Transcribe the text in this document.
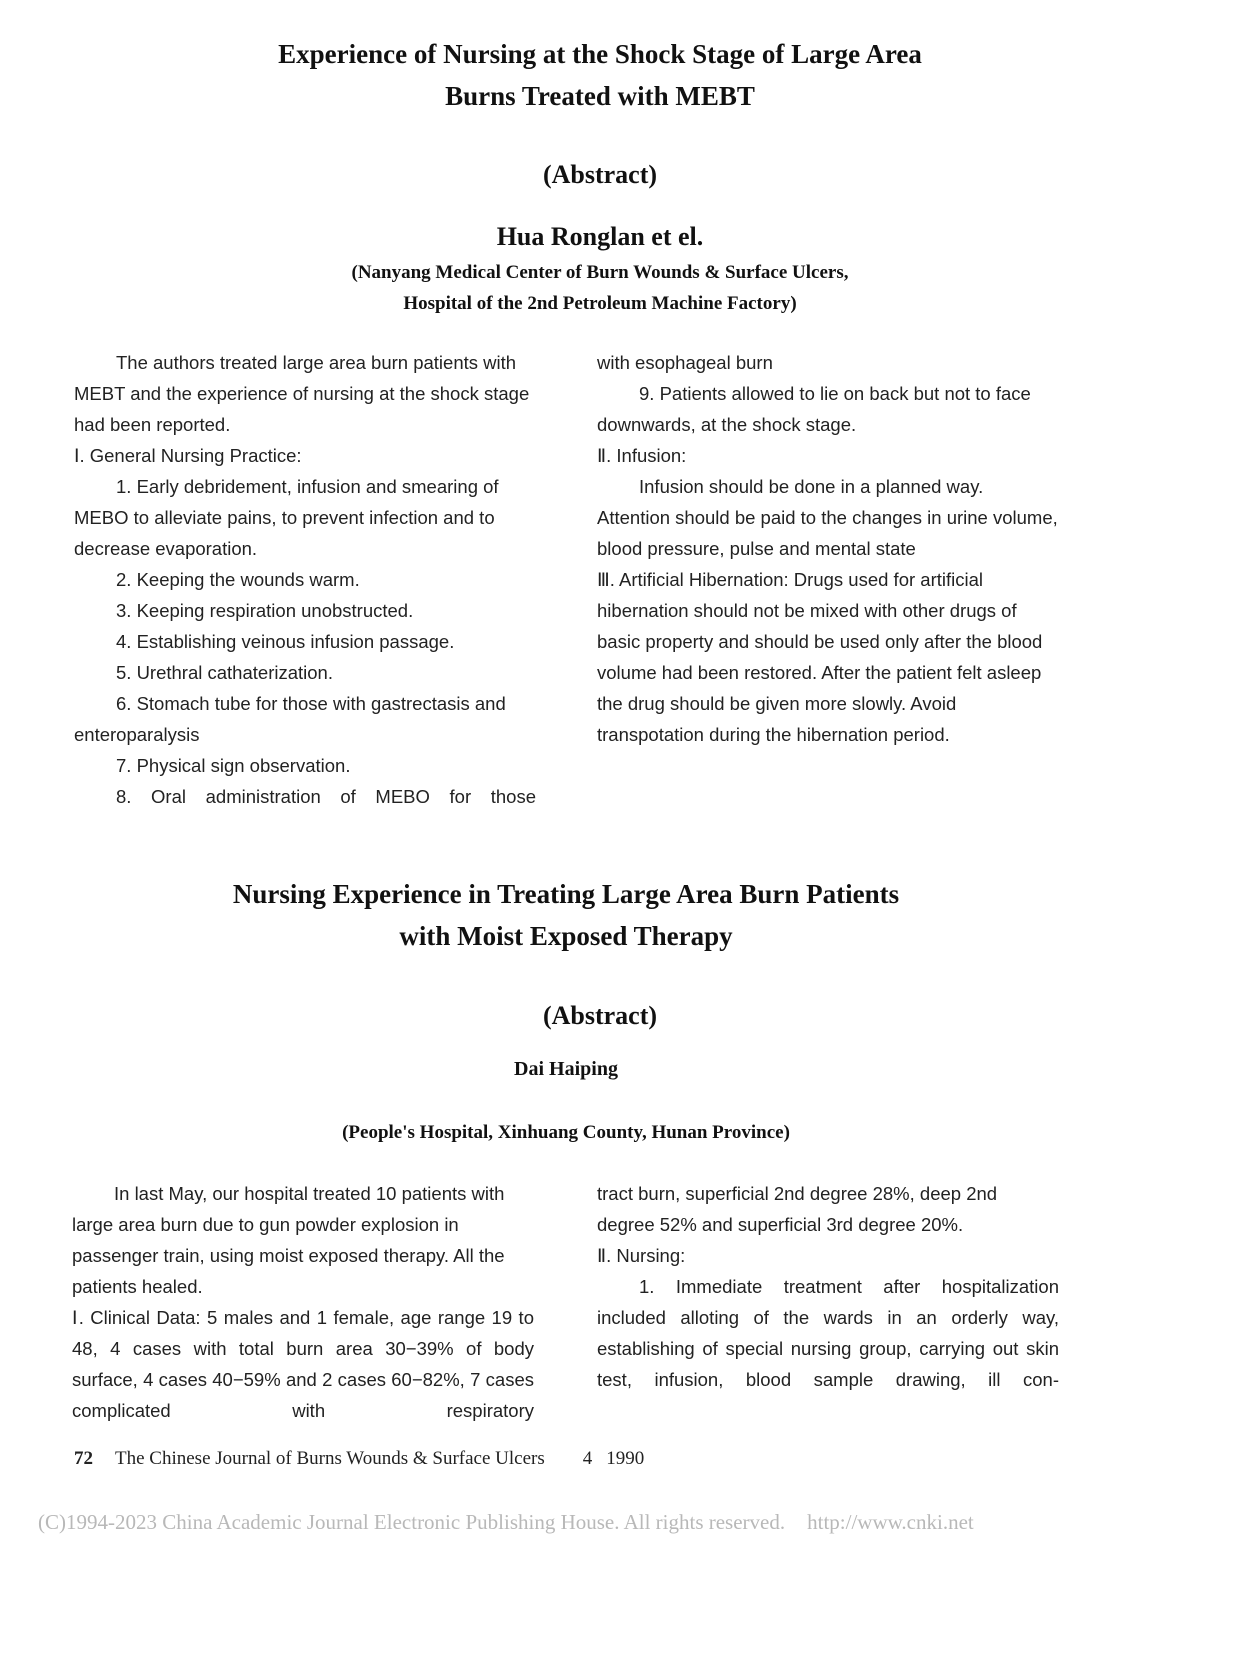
Experience of Nursing at the Shock Stage of Large Area
Burns Treated with MEBT
(Abstract)
Hua Ronglan et el.
(Nanyang Medical Center of Burn Wounds & Surface Ulcers,
Hospital of the 2nd Petroleum Machine Factory)

The authors treated large area burn patients with MEBT and the experience of nursing at the shock stage had been reported.

Ⅰ. General Nursing Practice:

1. Early debridement, infusion and smearing of MEBO to alleviate pains, to prevent infection and to decrease evaporation.

2. Keeping the wounds warm.

3. Keeping respiration unobstructed.

4. Establishing veinous infusion passage.

5. Urethral cathaterization.

6. Stomach tube for those with gastrectasis and enteroparalysis

7. Physical sign observation.

8. Oral administration of MEBO for those

with esophageal burn

9. Patients allowed to lie on back but not to face downwards, at the shock stage.

Ⅱ. Infusion:

Infusion should be done in a planned way. Attention should be paid to the changes in urine volume, blood pressure, pulse and mental state

Ⅲ. Artificial Hibernation: Drugs used for artificial hibernation should not be mixed with other drugs of basic property and should be used only after the blood volume had been restored. After the patient felt asleep the drug should be given more slowly. Avoid transpotation during the hibernation period.

Nursing Experience in Treating Large Area Burn Patients
with Moist Exposed Therapy
(Abstract)
Dai Haiping
(People's Hospital, Xinhuang County, Hunan Province)

In last May, our hospital treated 10 patients with large area burn due to gun powder explosion in passenger train, using moist exposed therapy. All the patients healed.

Ⅰ. Clinical Data: 5 males and 1 female, age range 19 to 48, 4 cases with total burn area 30−39% of body surface, 4 cases 40−59% and 2 cases 60−82%, 7 cases complicated with respiratory

tract burn, superficial 2nd degree 28%, deep 2nd degree 52% and superficial 3rd degree 20%.

Ⅱ. Nursing:

1. Immediate treatment after hospitalization included alloting of the wards in an orderly way, establishing of special nursing group, carrying out skin test, infusion, blood sample drawing, ill con-

72 The Chinese Journal of Burns Wounds & Surface Ulcers 4 1990
(C)1994-2023 China Academic Journal Electronic Publishing House. All rights reserved. http://www.cnki.net
